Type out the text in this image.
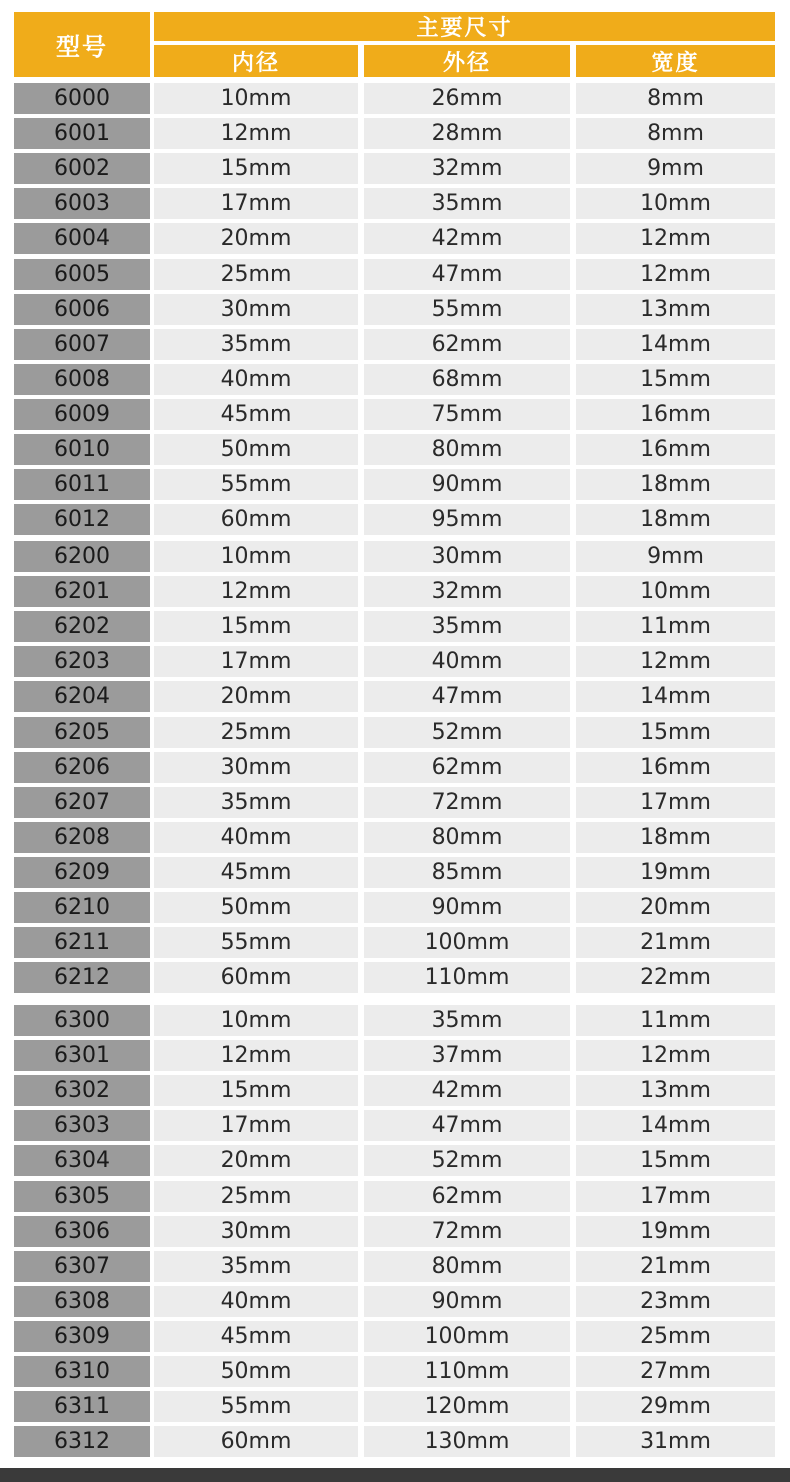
型号
主要尺寸
内径	外径	宽度
6000	10mm	26mm	8mm
6001	12mm	28mm	8mm
6002	15mm	32mm	9mm
6003	17mm	35mm	10mm
6004	20mm	42mm	12mm
6005	25mm	47mm	12mm
6006	30mm	55mm	13mm
6007	35mm	62mm	14mm
6008	40mm	68mm	15mm
6009	45mm	75mm	16mm
6010	50mm	80mm	16mm
6011	55mm	90mm	18mm
6012	60mm	95mm	18mm
6200	10mm	30mm	9mm
6201	12mm	32mm	10mm
6202	15mm	35mm	11mm
6203	17mm	40mm	12mm
6204	20mm	47mm	14mm
6205	25mm	52mm	15mm
6206	30mm	62mm	16mm
6207	35mm	72mm	17mm
6208	40mm	80mm	18mm
6209	45mm	85mm	19mm
6210	50mm	90mm	20mm
6211	55mm	100mm	21mm
6212	60mm	110mm	22mm
6300	10mm	35mm	11mm
6301	12mm	37mm	12mm
6302	15mm	42mm	13mm
6303	17mm	47mm	14mm
6304	20mm	52mm	15mm
6305	25mm	62mm	17mm
6306	30mm	72mm	19mm
6307	35mm	80mm	21mm
6308	40mm	90mm	23mm
6309	45mm	100mm	25mm
6310	50mm	110mm	27mm
6311	55mm	120mm	29mm
6312	60mm	130mm	31mm
